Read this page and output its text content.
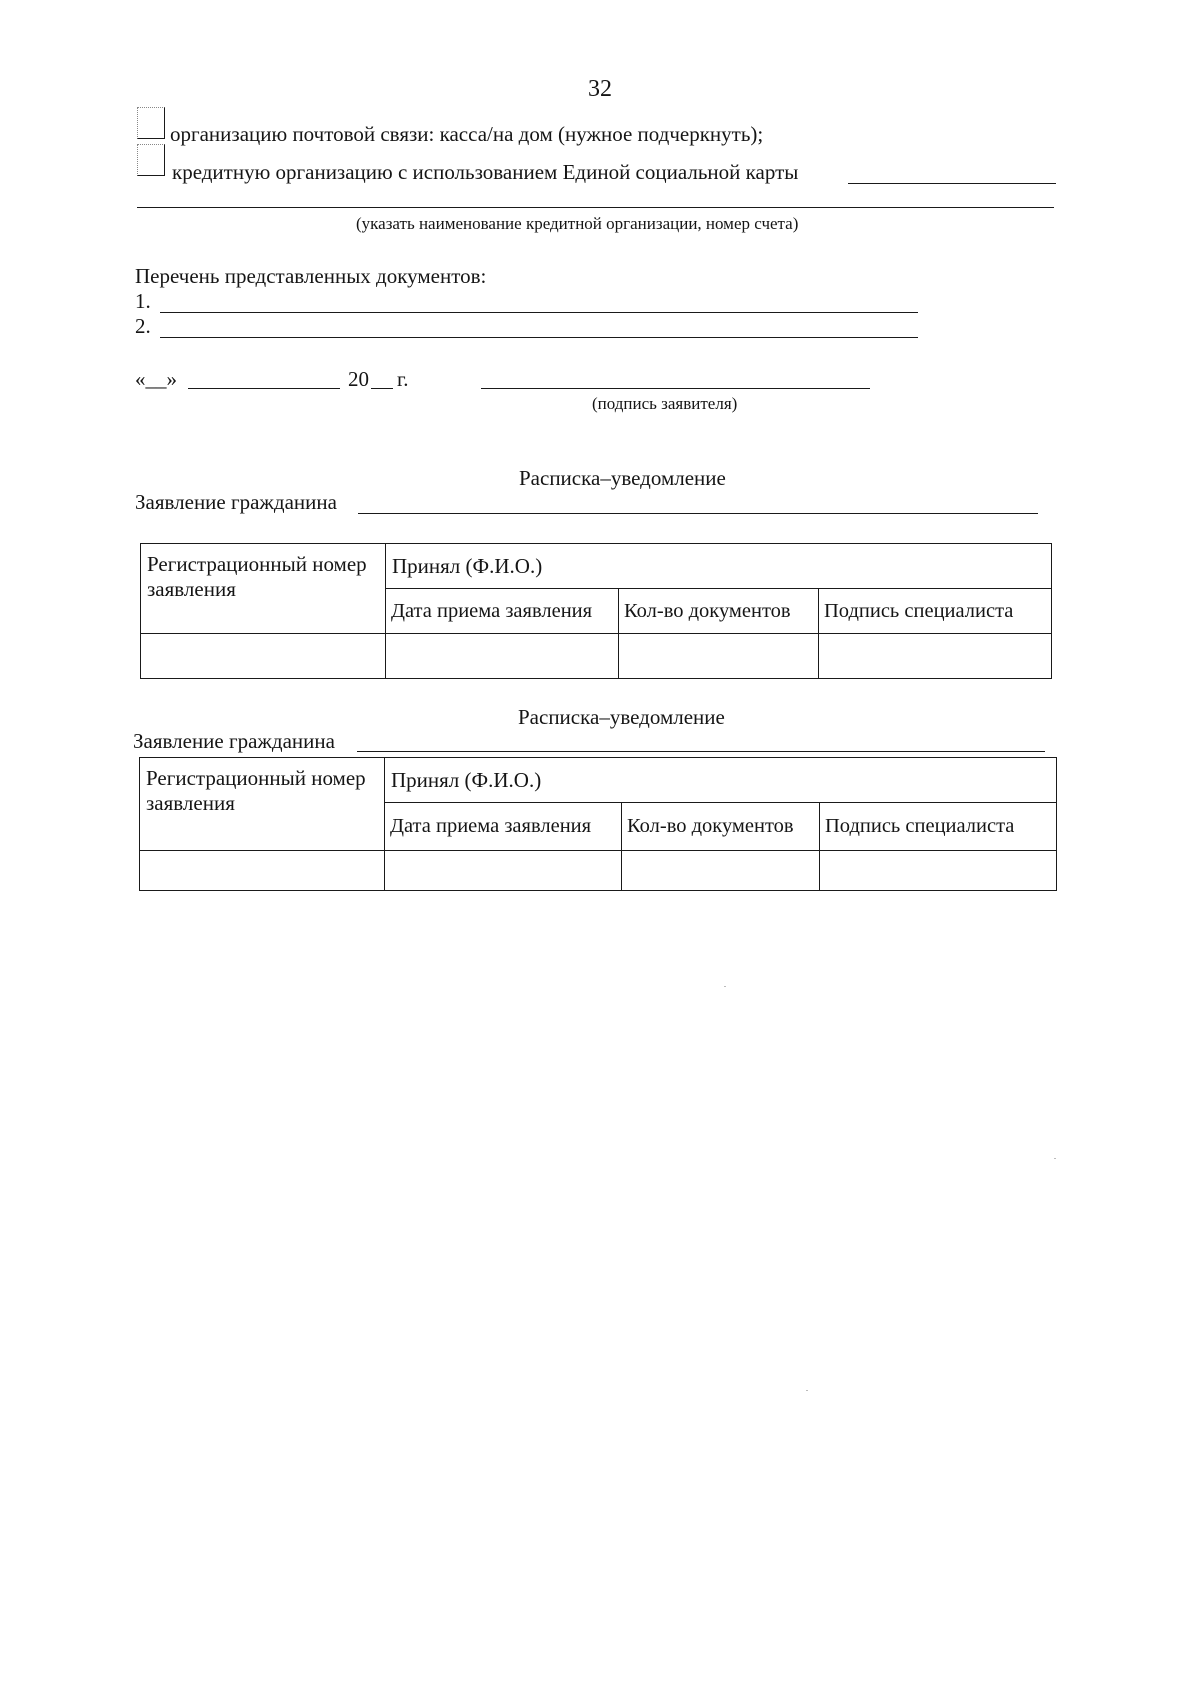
32
организацию почтовой связи: касса/на дом (нужное подчеркнуть);
кредитную организацию с использованием Единой социальной карты
(указать наименование кредитной организации, номер счета)
Перечень представленных документов:
1.
2.
«__»	20 г.
(подпись заявителя)
Расписка–уведомление
Заявление гражданина
Регистрационный номер заявления	Принял (Ф.И.О.)		
	Дата приема заявления	Кол-во документов	Подпись специалиста

Расписка–уведомление
Заявление гражданина
Регистрационный номер заявления	Принял (Ф.И.О.)		
	Дата приема заявления	Кол-во документов	Подпись специалиста
